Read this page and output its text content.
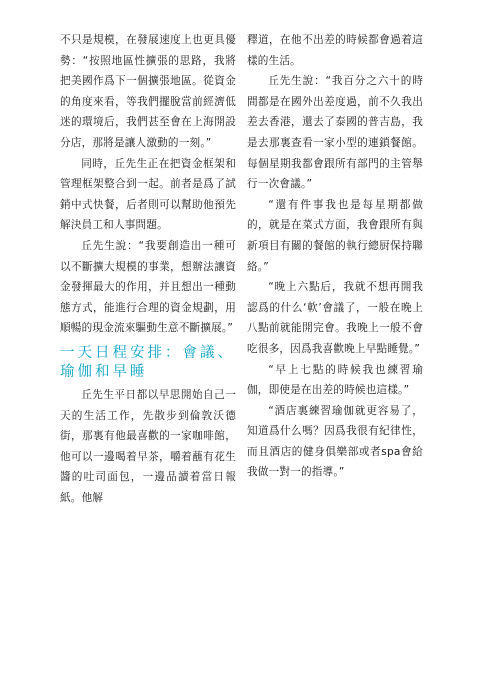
不只是規模，在發展速度上也更具優勢：“按照地區性擴張的思路，我將把美國作爲下一個擴張地區。從資金的角度來看，等我們擺脫當前經濟低迷的環境后，我們甚至會在上海開設分店，那將是讓人激動的一刻。”

同時，丘先生正在把資金框架和管理框架整合到一起。前者是爲了試銷中式快餐，后者則可以幫助他預先解決員工和人事問題。

丘先生說：“我要創造出一種可以不斷擴大規模的事業，想辦法讓資金發揮最大的作用，并且想出一種動態方式，能進行合理的資金規劃，用順暢的現金流來驅動生意不斷擴展。”

一天日程安排：會議、瑜伽和早睡

丘先生平日都以早思開始自己一天的生活工作，先散步到倫敦沃德街，那裏有他最喜歡的一家咖啡館，他可以一邊喝着早茶，嚼着蘸有花生醬的吐司面包，一邊品讀着當日報紙。他解

釋道，在他不出差的時候都會過着這樣的生活。

丘先生說：“我百分之六十的時間都是在國外出差度過，前不久我出差去香港，還去了泰國的普吉島，我是去那裏查看一家小型的連鎖餐館。每個星期我都會跟所有部門的主管舉行一次會議。”

“還有件事我也是每星期都做的，就是在菜式方面，我會跟所有與新項目有關的餐館的執行總厨保持聯絡。”

“晚上六點后，我就不想再開我認爲的什么‘軟’會議了，一般在晚上八點前就能開完會。我晚上一般不會吃很多，因爲我喜歡晚上早點睡覺。”

“早上七點的時候我也練習瑜伽，即使是在出差的時候也這樣。”

“酒店裏練習瑜伽就更容易了，知道爲什么嗎？因爲我很有紀律性，而且酒店的健身俱樂部或者spa會給我做一對一的指導。”
